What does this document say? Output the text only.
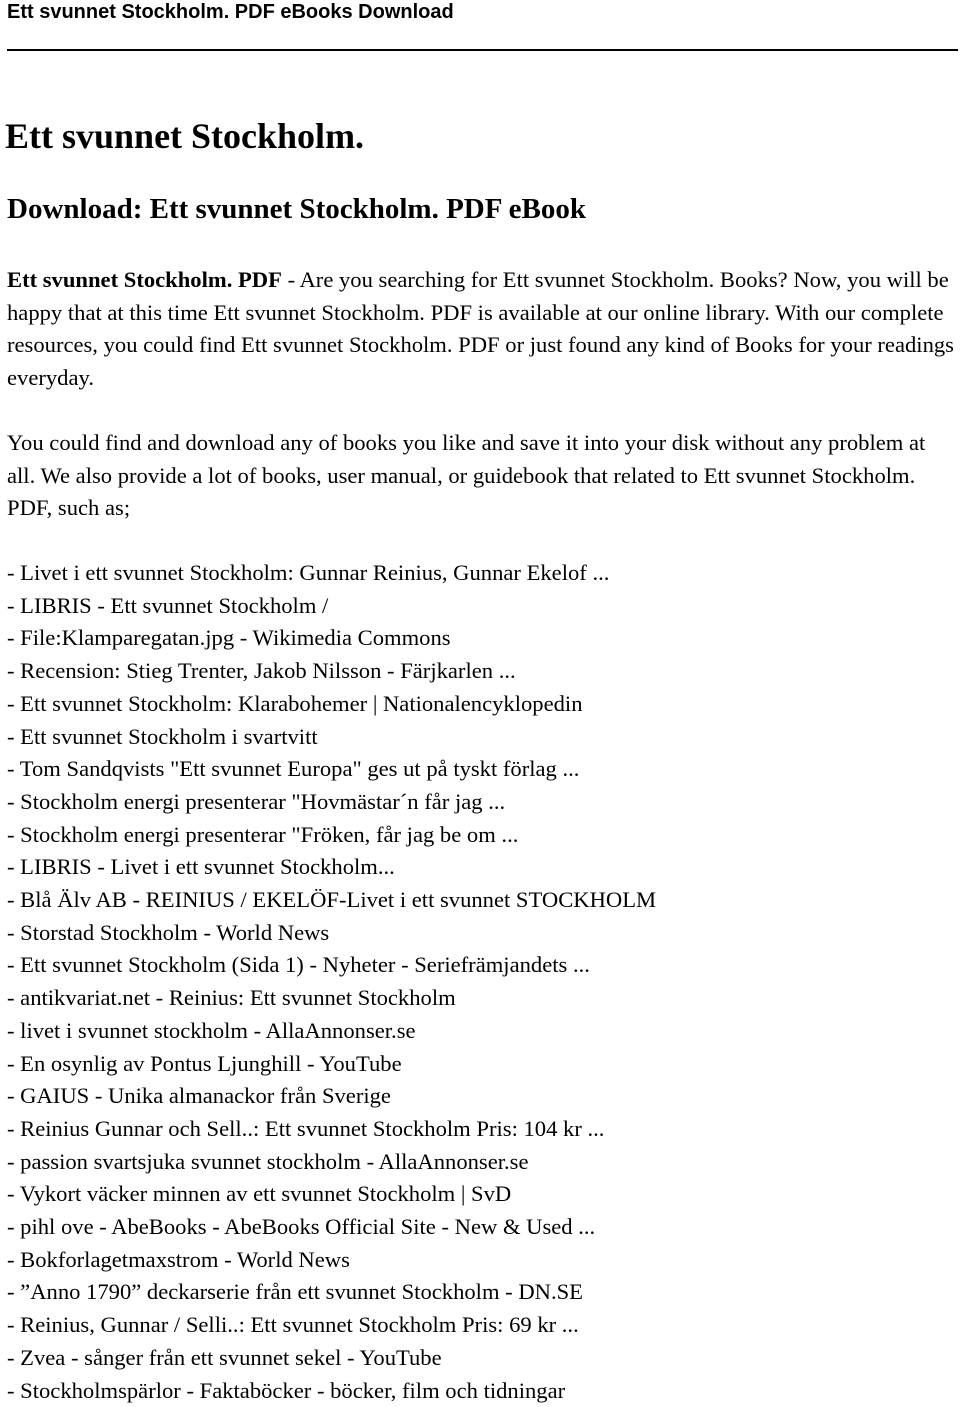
Ett svunnet Stockholm. PDF eBooks Download
Ett svunnet Stockholm.
Download: Ett svunnet Stockholm. PDF eBook

Ett svunnet Stockholm. PDF - Are you searching for Ett svunnet Stockholm. Books? Now, you will be happy that at this time Ett svunnet Stockholm. PDF is available at our online library. With our complete resources, you could find Ett svunnet Stockholm. PDF or just found any kind of Books for your readings everyday.

You could find and download any of books you like and save it into your disk without any problem at all. We also provide a lot of books, user manual, or guidebook that related to Ett svunnet Stockholm. PDF, such as;

- Livet i ett svunnet Stockholm: Gunnar Reinius, Gunnar Ekelof ...
- LIBRIS - Ett svunnet Stockholm /
- File:Klamparegatan.jpg - Wikimedia Commons
- Recension: Stieg Trenter, Jakob Nilsson - Färjkarlen ...
- Ett svunnet Stockholm: Klarabohemer | Nationalencyklopedin
- Ett svunnet Stockholm i svartvitt
- Tom Sandqvists "Ett svunnet Europa" ges ut på tyskt förlag ...
- Stockholm energi presenterar "Hovmästar´n får jag ...
- Stockholm energi presenterar "Fröken, får jag be om ...
- LIBRIS - Livet i ett svunnet Stockholm...
- Blå Älv AB - REINIUS / EKELÖF-Livet i ett svunnet STOCKHOLM
- Storstad Stockholm - World News
- Ett svunnet Stockholm (Sida 1) - Nyheter - Seriefrämjandets ...
- antikvariat.net - Reinius: Ett svunnet Stockholm
- livet i svunnet stockholm - AllaAnnonser.se
- En osynlig av Pontus Ljunghill - YouTube
- GAIUS - Unika almanackor från Sverige
- Reinius Gunnar och Sell..: Ett svunnet Stockholm Pris: 104 kr ...
- passion svartsjuka svunnet stockholm - AllaAnnonser.se
- Vykort väcker minnen av ett svunnet Stockholm | SvD
- pihl ove - AbeBooks - AbeBooks Official Site - New & Used ...
- Bokforlagetmaxstrom - World News
- ”Anno 1790” deckarserie från ett svunnet Stockholm - DN.SE
- Reinius, Gunnar / Selli..: Ett svunnet Stockholm Pris: 69 kr ...
- Zvea - sånger från ett svunnet sekel - YouTube
- Stockholmspärlor - Faktaböcker - böcker, film och tidningar
